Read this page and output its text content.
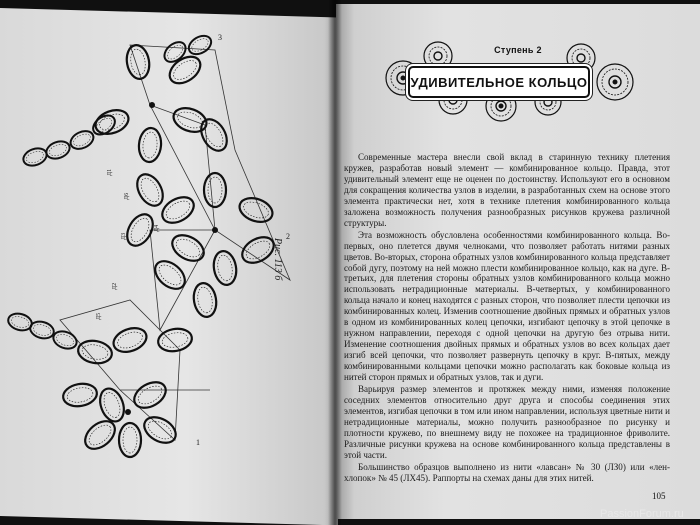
Д1
Д2
Д3
Д4
Д5
Д6
3
1
2
Рис. 113 б
Ступень 2
УДИВИТЕЛЬНОЕ КОЛЬЦО

Современные мастера внесли свой вклад в старинную технику плетения кружев, разработав новый элемент — комбинированное кольцо. Правда, этот удивительный элемент еще не оценен по достоинству. Используют его в основном для сокращения количества узлов в изделии, в разработанных схем на основе этого элемента практически нет, хотя в технике плетения комбинированного кольца заложена возможность получения разнообразных рисунков кружева различной структуры.

Эта возможность обусловлена особенностями комбинированного кольца. Во-первых, оно плетется двумя челноками, что позволяет работать нитями разных цветов. Во-вторых, сторона обратных узлов комбинированного кольца представляет собой дугу, поэтому на ней можно плести комбинированное кольцо, как на дуге. В-третьих, для плетения стороны обратных узлов комбинированного кольца можно использовать нетрадиционные материалы. В-четвертых, у комбинированного кольца начало и конец находятся с разных сторон, что позволяет плести цепочки из комбинированных колец. Изменив соотношение двойных прямых и обратных узлов в одном из комбинированных колец цепочки, изгибают цепочку в этой цепочке в нужном направлении, переходя с одной цепочки на другую без отрыва нити. Изменение соотношения двойных прямых и обратных узлов во всех кольцах дает изгиб всей цепочки, что позволяет развернуть цепочку в круг. В-пятых, между комбинированными кольцами цепочки можно располагать как боковые кольца из нитей сторон прямых и обратных узлов, так и дуги.

Варьируя размер элементов и протяжек между ними, изменяя положение соседних элементов относительно друг друга и способы соединения этих элементов, изгибая цепочки в том или ином направлении, используя цветные нити и нетрадиционные материалы, можно получить разнообразное по рисунку и плотности кружево, по внешнему виду не похожее на традиционное фриволите. Различные рисунки кружева на основе комбинированного кольца представлены в этой части.

Большинство образцов выполнено из нити «лавсан» № 30 (ЛЗ0) или «лен-хлопок» № 45 (ЛХ45). Раппорты на схемах даны для этих нитей.

105
PassionForum.ru
